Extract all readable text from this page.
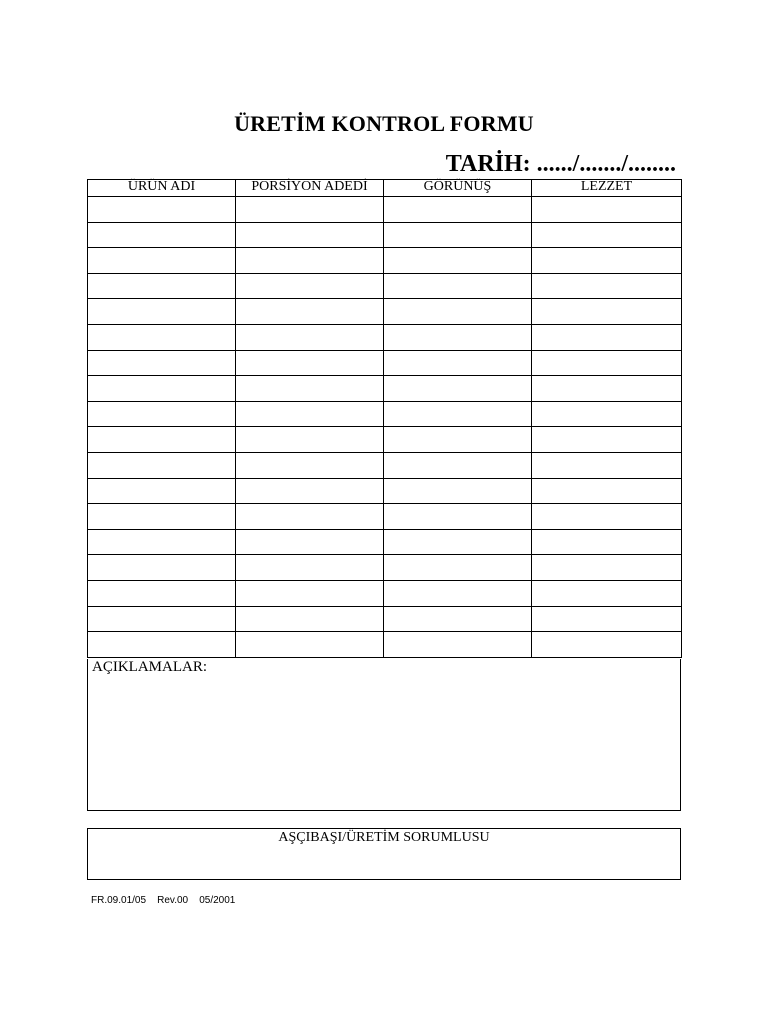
ÜRETİM KONTROL FORMU
TARİH: ....../......./........
ÜRÜN ADI	PORSİYON ADEDİ	GÖRÜNÜŞ	LEZZET

AÇIKLAMALAR:
AŞÇIBAŞI/ÜRETİM SORUMLUSU
FR.09.01/05    Rev.00    05/2001
